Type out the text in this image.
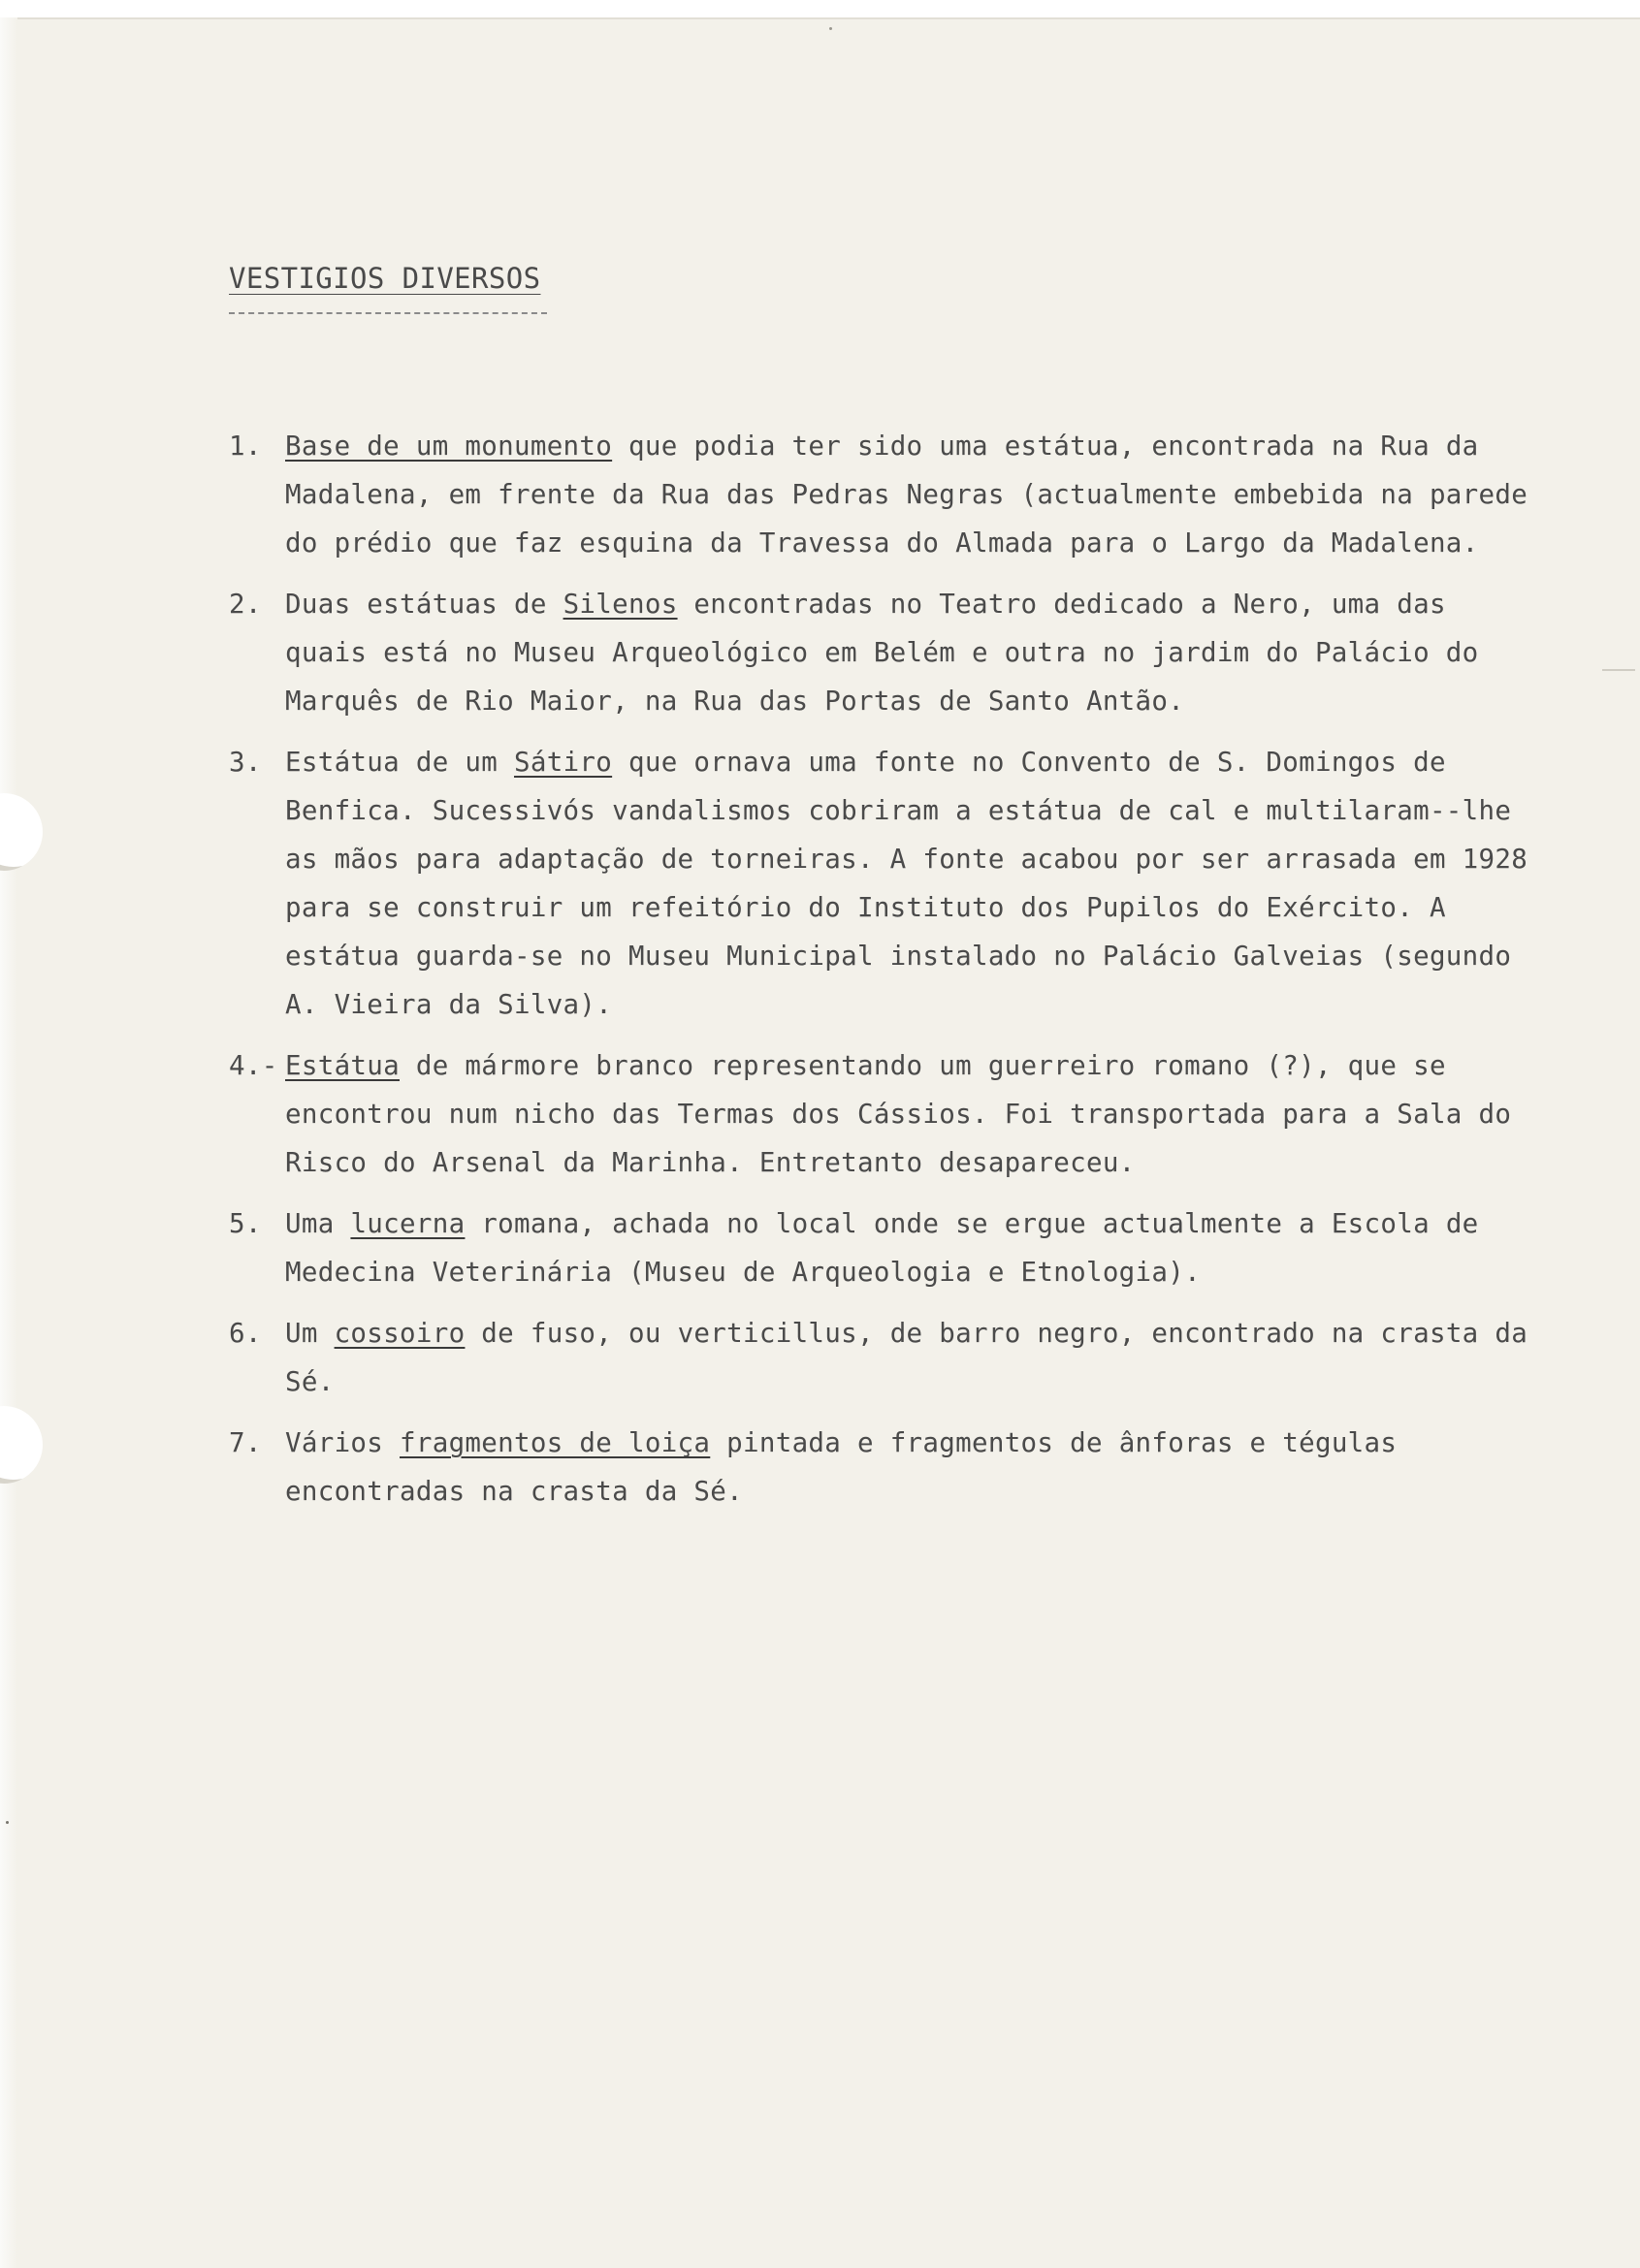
VESTIGIOS DIVERSOS
1. Base de um monumento que podia ter sido uma estátua, encontrada na Rua da Madalena, em frente da Rua das Pedras Negras (actualmente embebida na parede do prédio que faz esquina da Travessa do Almada para o Largo da Madalena.
2. Duas estátuas de Silenos encontradas no Teatro dedicado a Nero, uma das quais está no Museu Arqueológico em Belém e outra no jardim do Palácio do Marquês de Rio Maior, na Rua das Portas de Santo Antão.
3. Estátua de um Sátiro que ornava uma fonte no Convento de S. Domingos de Benfica. Sucessivós vandalismos cobriram a estátua de cal e multilaram--lhe as mãos para adaptação de torneiras. A fonte acabou por ser arrasada em 1928 para se construir um refeitório do Instituto dos Pupilos do Exército. A estátua guarda-se no Museu Municipal instalado no Palácio Galveias (segundo A. Vieira da Silva).
4.- Estátua de mármore branco representando um guerreiro romano (?), que se encontrou num nicho das Termas dos Cássios. Foi transportada para a Sala do Risco do Arsenal da Marinha. Entretanto desapareceu.
5. Uma lucerna romana, achada no local onde se ergue actualmente a Escola de Medecina Veterinária (Museu de Arqueologia e Etnologia).
6. Um cossoiro de fuso, ou verticillus, de barro negro, encontrado na crasta da Sé.
7. Vários fragmentos de loiça pintada e fragmentos de ânforas e tégulas encontradas na crasta da Sé.
